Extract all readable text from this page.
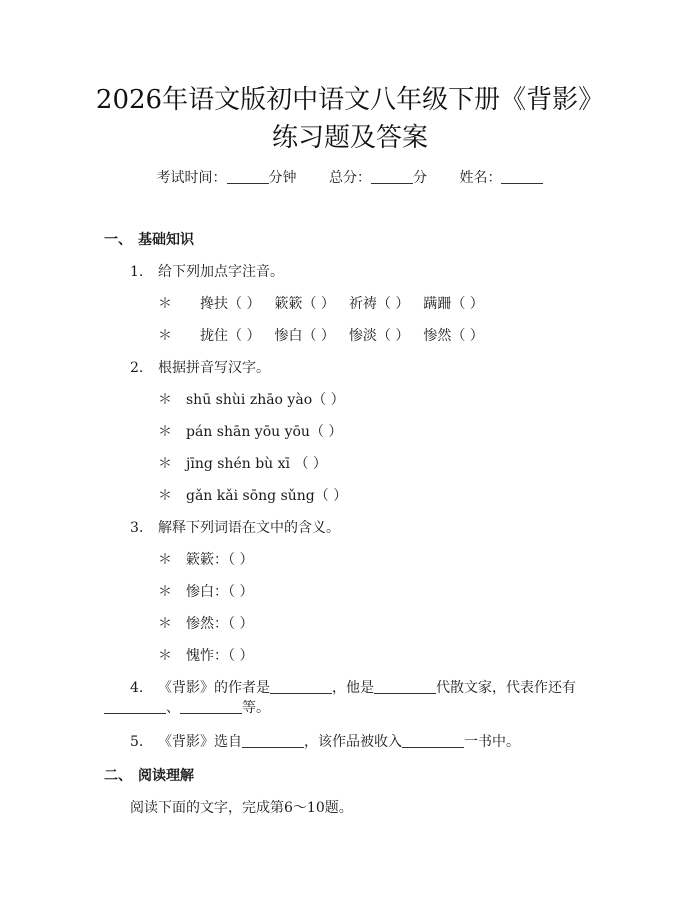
2026年语文版初中语文八年级下册《背影》
练习题及答案
考试时间：	分钟 总分：	分 姓名：
一、 基础知识
1. 给下列加点字注音。
＊ 搀扶（ ） 簌簌（ ） 祈祷（ ） 蹒跚（ ）
＊ 拢住（ ） 惨白（ ） 惨淡（ ） 惨然（ ）
2. 根据拼音写汉字。
＊ shū shùi zhāo yào（ ）
＊ pán shān yōu yōu（ ）
＊ jīng shén bù xī （ ）
＊ gǎn kǎi sōng sǔng（ ）
3. 解释下列词语在文中的含义。
＊ 簌簌：（ ）
＊ 惨白：（ ）
＊ 惨然：（ ）
＊ 愧怍：（ ）
4. 《背影》的作者是	，他是	代散文家，代表作还有
、	等。
5. 《背影》选自	，该作品被收入	一书中。
二、 阅读理解
阅读下面的文字，完成第6～10题。
